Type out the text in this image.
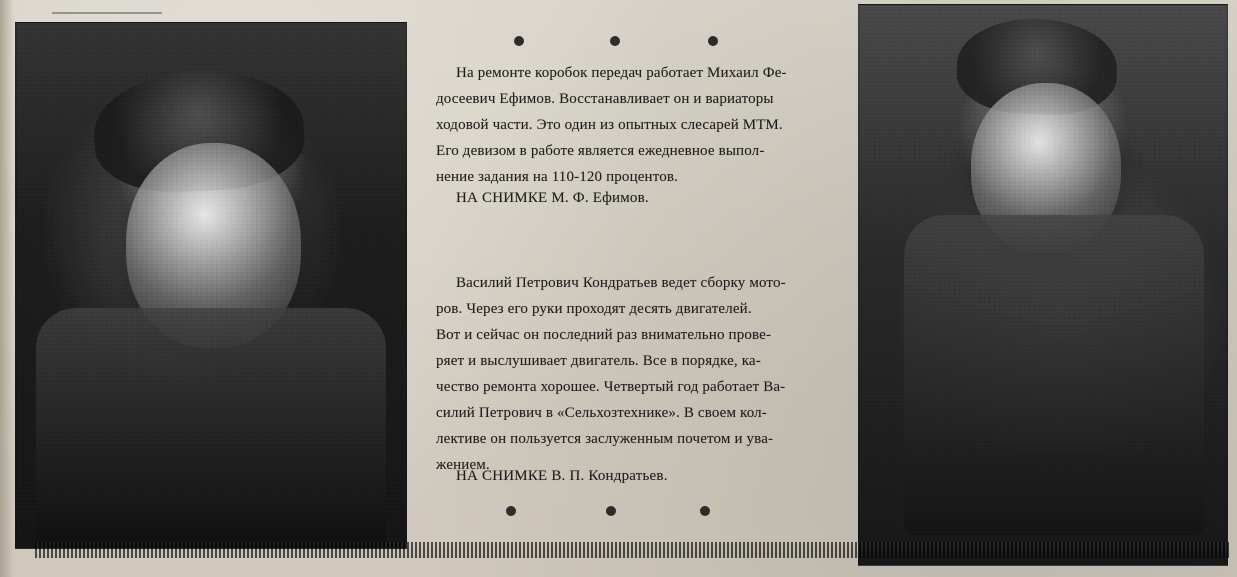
На ремонте коробок передач работает Михаил Фе-
досеевич Ефимов. Восстанавливает он и вариаторы
ходовой части. Это один из опытных слесарей МТМ.
Его девизом в работе является ежедневное выпол-
нение задания на 110-120 процентов.
НА СНИМКЕ М. Ф. Ефимов.
Василий Петрович Кондратьев ведет сборку мото-
ров. Через его руки проходят десять двигателей.
Вот и сейчас он последний раз внимательно прове-
ряет и выслушивает двигатель. Все в порядке, ка-
чество ремонта хорошее. Четвертый год работает Ва-
силий Петрович в «Сельхозтехнике». В своем кол-
лективе он пользуется заслуженным почетом и ува-
жением.
НА СНИМКЕ В. П. Кондратьев.
